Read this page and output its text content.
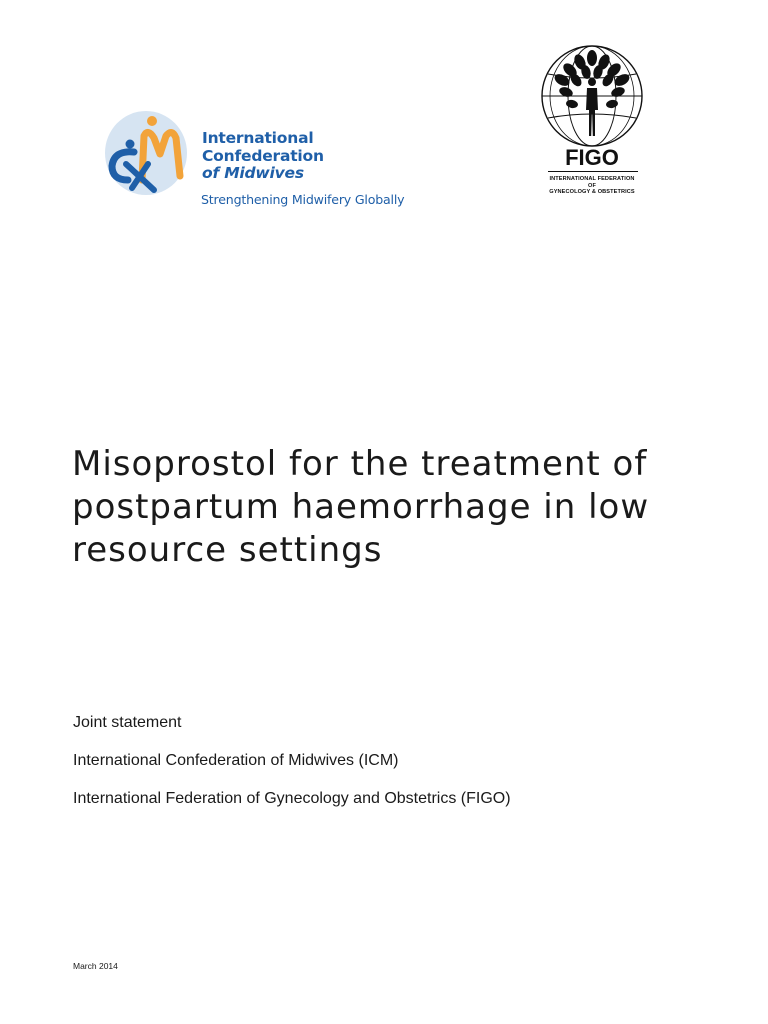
International
Confederation
of Midwives
Strengthening Midwifery Globally
FIGO
INTERNATIONAL FEDERATION
OF
GYNECOLOGY & OBSTETRICS
Misoprostol for the treatment of
postpartum haemorrhage in low
resource settings
Joint statement
International Confederation of Midwives (ICM)
International Federation of Gynecology and Obstetrics (FIGO)
March 2014
